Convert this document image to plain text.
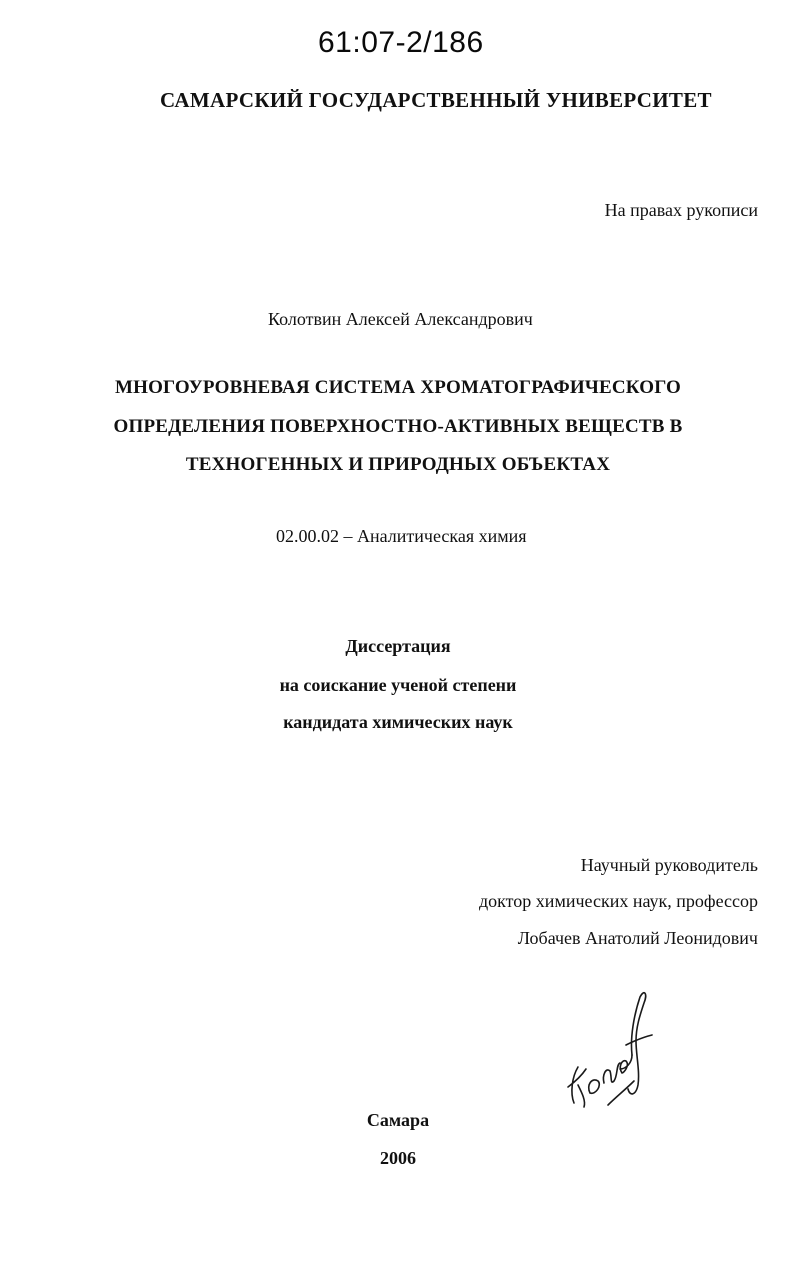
61:07-2/186
САМАРСКИЙ ГОСУДАРСТВЕННЫЙ УНИВЕРСИТЕТ
На правах рукописи
Колотвин Алексей Александрович
МНОГОУРОВНЕВАЯ СИСТЕМА ХРОМАТОГРАФИЧЕСКОГО
ОПРЕДЕЛЕНИЯ ПОВЕРХНОСТНО-АКТИВНЫХ ВЕЩЕСТВ В
ТЕХНОГЕННЫХ И ПРИРОДНЫХ ОБЪЕКТАХ
02.00.02 – Аналитическая химия
Диссертация
на соискание ученой степени
кандидата химических наук
Научный руководитель
доктор химических наук, профессор
Лобачев Анатолий Леонидович
Самара
2006
